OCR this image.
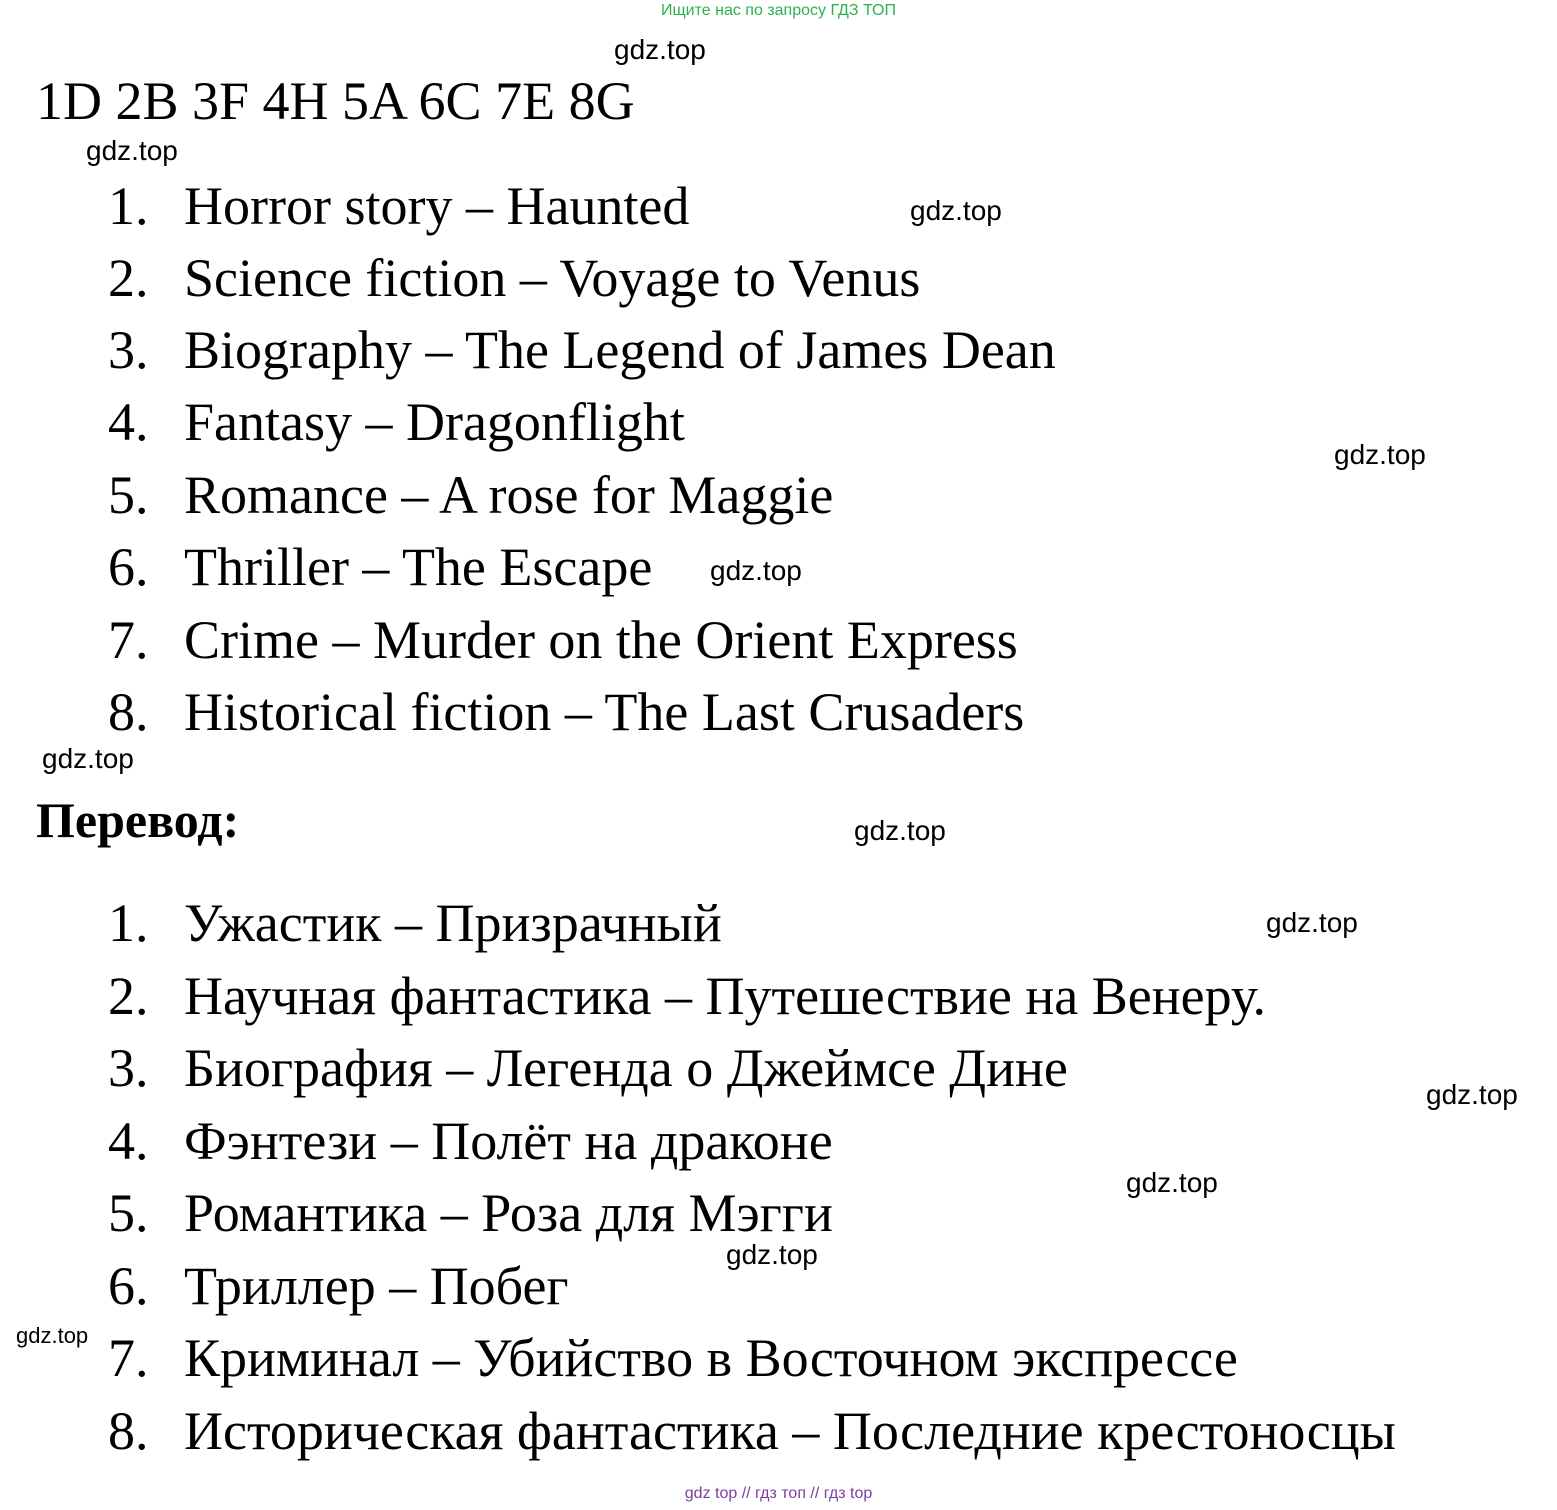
Ищите нас по запросу ГДЗ ТОП
1D 2B 3F 4H 5A 6C 7E 8G
1. Horror story – Haunted
2. Science fiction – Voyage to Venus
3. Biography – The Legend of James Dean
4. Fantasy – Dragonflight
5. Romance – A rose for Maggie
6. Thriller – The Escape
7. Crime – Murder on the Orient Express
8. Historical fiction – The Last Crusaders
Перевод:
1. Ужастик – Призрачный
2. Научная фантастика – Путешествие на Венеру.
3. Биография – Легенда о Джеймсе Дине
4. Фэнтези – Полёт на драконе
5. Романтика – Роза для Мэгги
6. Триллер – Побег
7. Криминал – Убийство в Восточном экспрессе
8. Историческая фантастика – Последние крестоносцы
gdz.top
gdz.top
gdz.top
gdz.top
gdz.top
gdz.top
gdz.top
gdz.top
gdz.top
gdz.top
gdz.top
gdz.top
gdz top // гдз топ // гдз top
